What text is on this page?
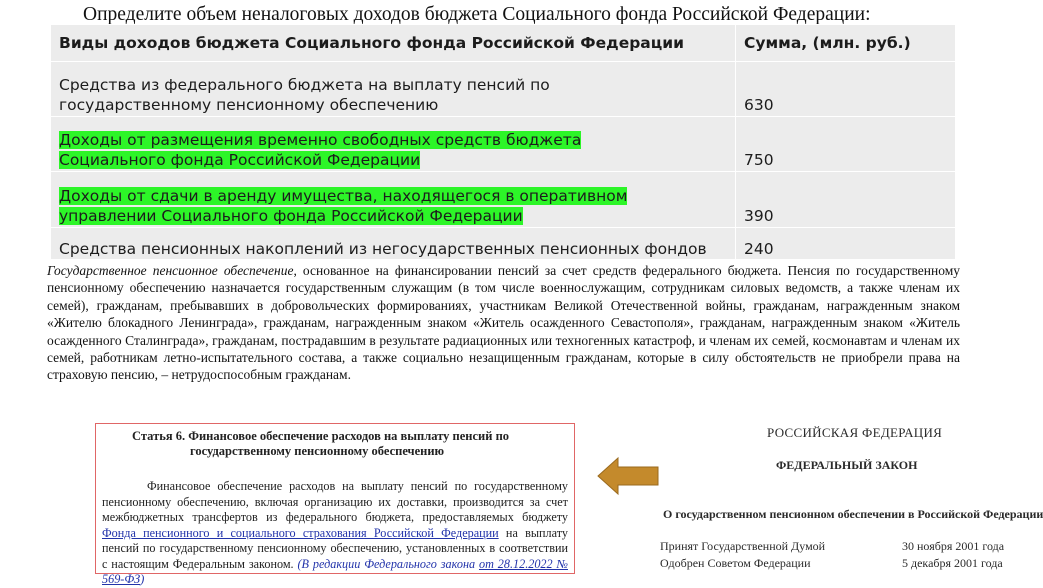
Определите объем неналоговых доходов бюджета Социального фонда Российской Федерации:
Виды доходов бюджета Социального фонда Российской Федерации	Сумма, (млн. руб.)
Средства из федерального бюджета на выплату пенсий по
государственному пенсионному обеспечению	630
Доходы от размещения временно свободных средств бюджета
Социального фонда Российской Федерации	750
Доходы от сдачи в аренду имущества, находящегося в оперативном
управлении Социального фонда Российской Федерации	390
Средства пенсионных накоплений из негосударственных пенсионных фондов	240

Государственное пенсионное обеспечение, основанное на финансировании пенсий за счет средств федерального бюджета. Пенсия по государственному пенсионному обеспечению назначается государственным служащим (в том числе военнослужащим, сотрудникам силовых ведомств, а также членам их семей), гражданам, пребывавших в добровольческих формированиях, участникам Великой Отечественной войны, гражданам, награжденным знаком «Жителю блокадного Ленинграда», гражданам, награжденным знаком «Житель осажденного Севастополя», гражданам, награжденным знаком «Житель осажденного Сталинграда», гражданам, пострадавшим в результате радиационных или техногенных катастроф, и членам их семей, космонавтам и членам их семей, работникам летно-испытательного состава, а также социально незащищенным гражданам, которые в силу обстоятельств не приобрели права на страховую пенсию, – нетрудоспособным гражданам.

Статья 6. Финансовое обеспечение расходов на выплату пенсий по
государственному пенсионному обеспечению

Финансовое обеспечение расходов на выплату пенсий по государственному пенсионному обеспечению, включая организацию их доставки, производится за счет межбюджетных трансфертов из федерального бюджета, предоставляемых бюджету Фонда пенсионного и социального страхования Российской Федерации на выплату пенсий по государственному пенсионному обеспечению, установленных в соответствии с настоящим Федеральным законом. (В редакции Федерального закона от 28.12.2022 № 569-ФЗ)

РОССИЙСКАЯ ФЕДЕРАЦИЯ
ФЕДЕРАЛЬНЫЙ ЗАКОН
О государственном пенсионном обеспечении в Российской Федерации
Принят Государственной Думой	30 ноября 2001 года
Одобрен Советом Федерации	5 декабря 2001 года
